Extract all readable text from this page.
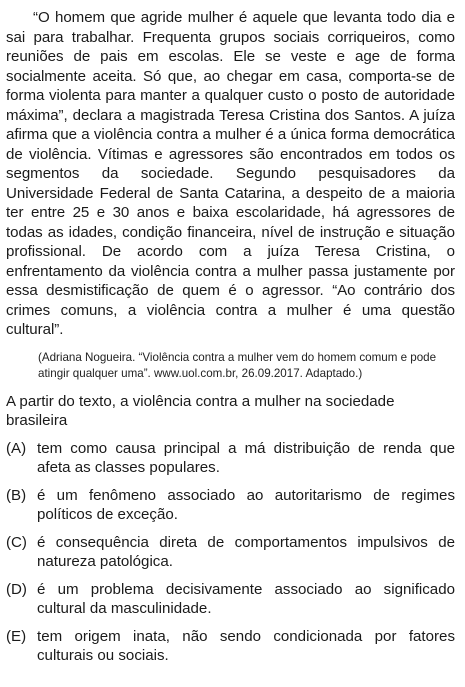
“O homem que agride mulher é aquele que levanta todo dia e sai para trabalhar. Frequenta grupos sociais corriqueiros, como reuniões de pais em escolas. Ele se veste e age de forma socialmente aceita. Só que, ao chegar em casa, comporta-se de forma violenta para manter a qualquer custo o posto de autoridade máxima”, declara a magistrada Teresa Cristina dos Santos. A juíza afirma que a violência contra a mulher é a única forma democrática de violência. Vítimas e agressores são encontrados em todos os segmentos da sociedade. Segundo pesquisadores da Universidade Federal de Santa Catarina, a despeito de a maioria ter entre 25 e 30 anos e baixa escolaridade, há agressores de todas as idades, condição financeira, nível de instrução e situação profissional. De acordo com a juíza Teresa Cristina, o enfrentamento da violência contra a mulher passa justamente por essa desmistificação de quem é o agressor. “Ao contrário dos crimes comuns, a violência contra a mulher é uma questão cultural”.

(Adriana Nogueira. “Violência contra a mulher vem do homem comum e pode atingir qualquer uma”. www.uol.com.br, 26.09.2017. Adaptado.)

A partir do texto, a violência contra a mulher na sociedade brasileira

(A) tem como causa principal a má distribuição de renda que afeta as classes populares.
(B) é um fenômeno associado ao autoritarismo de regimes políticos de exceção.
(C) é consequência direta de comportamentos impulsivos de natureza patológica.
(D) é um problema decisivamente associado ao significado cultural da masculinidade.
(E) tem origem inata, não sendo condicionada por fatores culturais ou sociais.
